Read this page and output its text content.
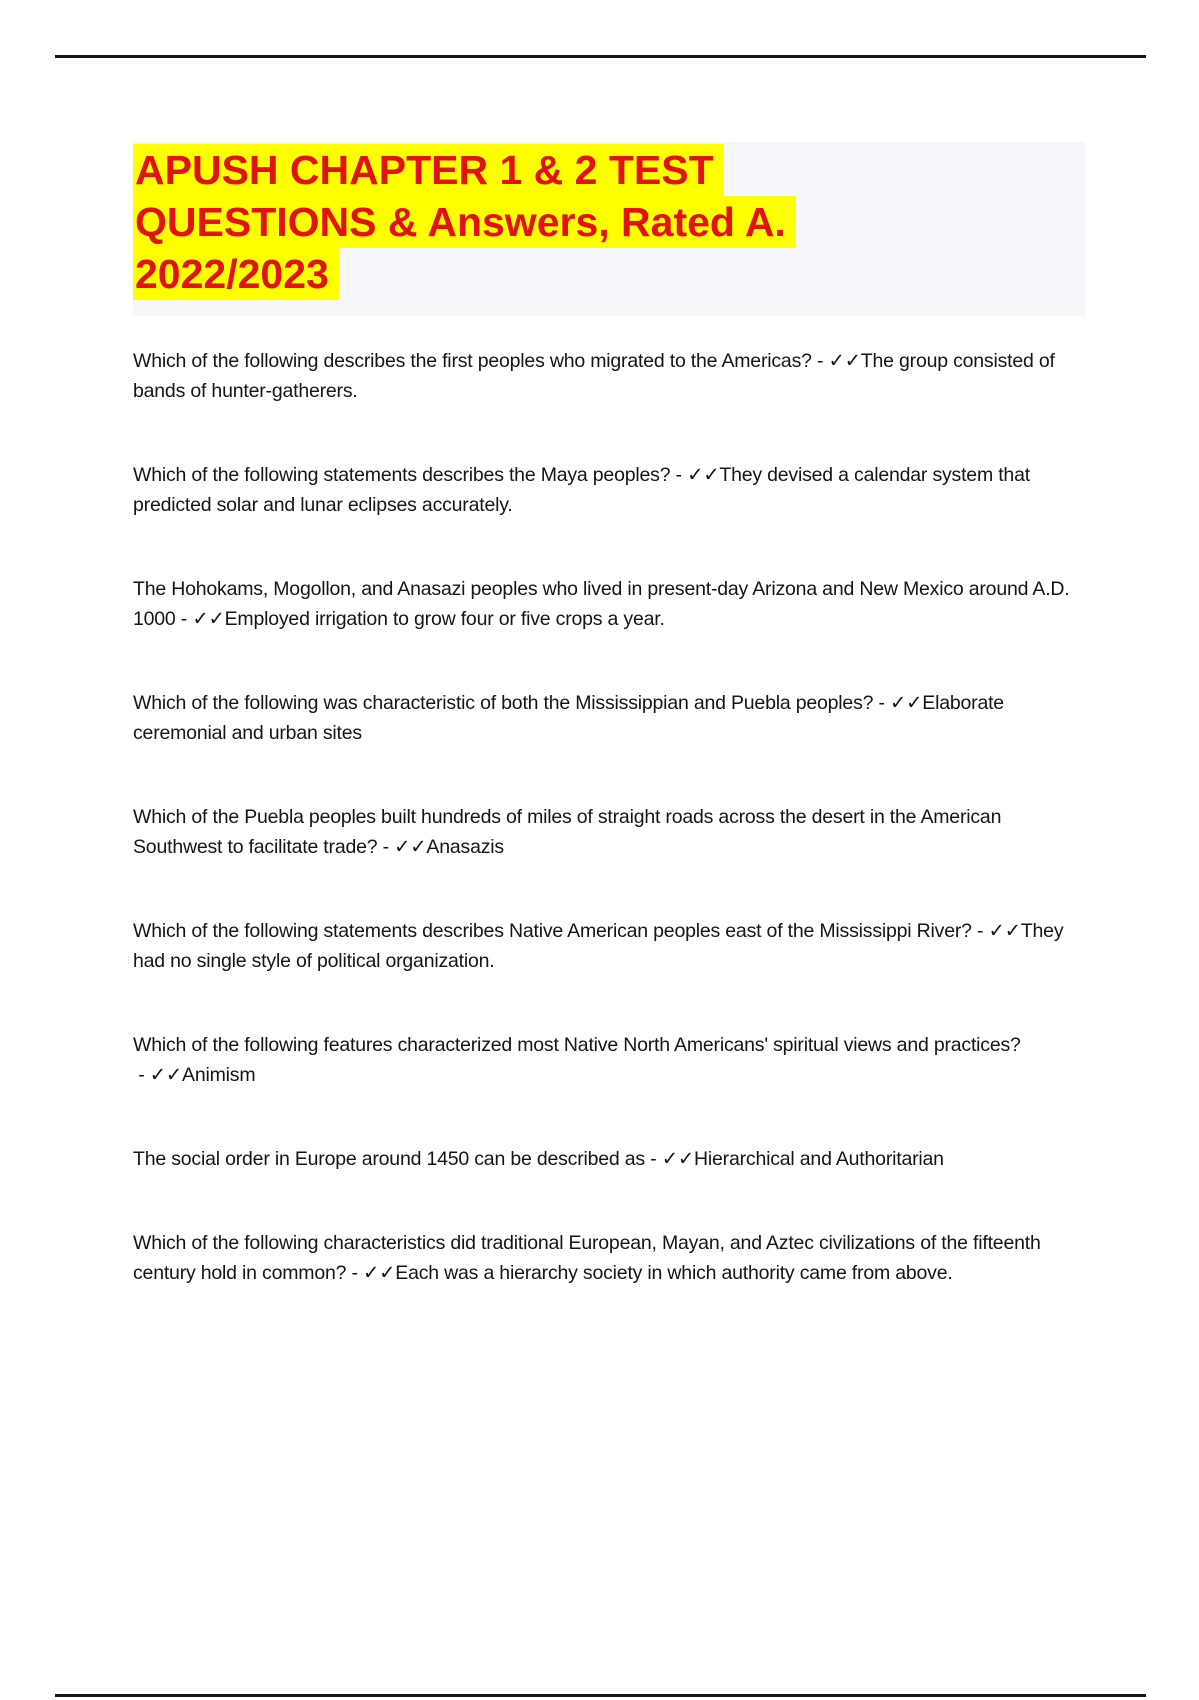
APUSH CHAPTER 1 & 2 TEST
QUESTIONS & Answers, Rated A.
2022/2023

Which of the following describes the first peoples who migrated to the Americas? - ✓✓The group consisted of bands of hunter-gatherers.

Which of the following statements describes the Maya peoples? - ✓✓They devised a calendar system that predicted solar and lunar eclipses accurately.

The Hohokams, Mogollon, and Anasazi peoples who lived in present-day Arizona and New Mexico around A.D. 1000 - ✓✓Employed irrigation to grow four or five crops a year.

Which of the following was characteristic of both the Mississippian and Puebla peoples? - ✓✓Elaborate ceremonial and urban sites

Which of the Puebla peoples built hundreds of miles of straight roads across the desert in the American Southwest to facilitate trade? - ✓✓Anasazis

Which of the following statements describes Native American peoples east of the Mississippi River? - ✓✓They had no single style of political organization.

Which of the following features characterized most Native North Americans' spiritual views and practices? - ✓✓Animism

The social order in Europe around 1450 can be described as - ✓✓Hierarchical and Authoritarian

Which of the following characteristics did traditional European, Mayan, and Aztec civilizations of the fifteenth century hold in common? - ✓✓Each was a hierarchy society in which authority came from above.
